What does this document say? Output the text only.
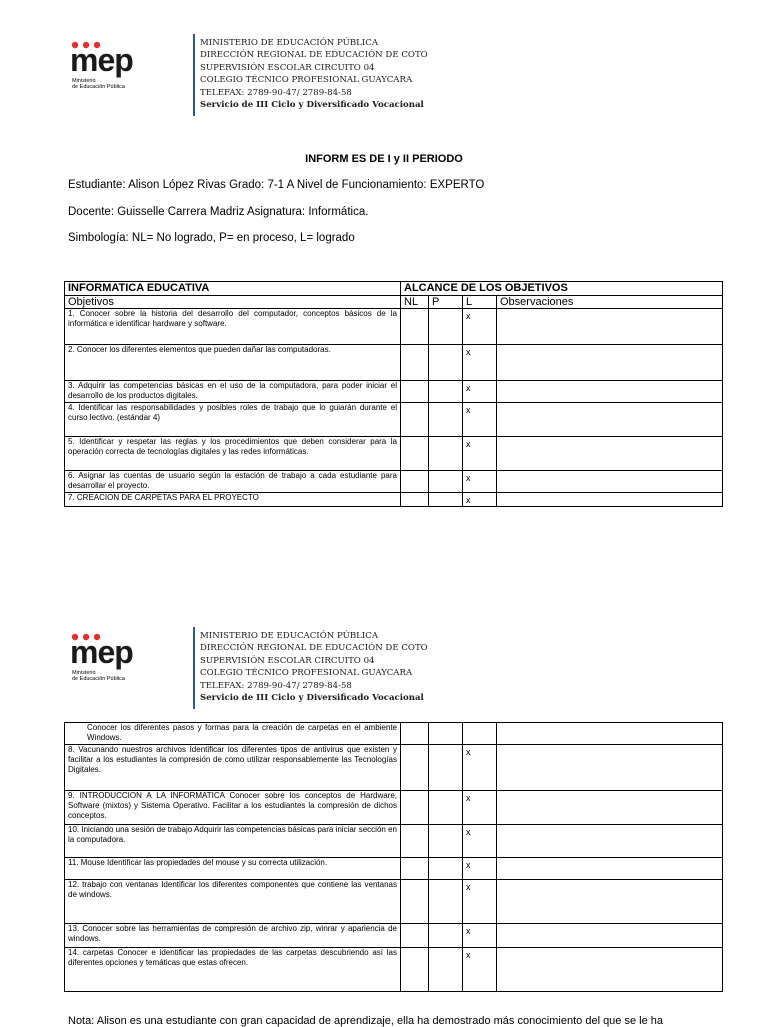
mep
Ministerio
de Educación Pública
MINISTERIO DE EDUCACIÓN PÚBLICA
DIRECCIÓN REGIONAL DE EDUCACIÓN DE COTO
SUPERVISIÓN ESCOLAR CIRCUITO 04
COLEGIO TÉCNICO PROFESIONAL GUAYCARA
TELEFAX: 2789-90-47/ 2789-84-58
Servicio de III Ciclo y Diversificado Vocacional
INFORM ES DE I y II PERIODO
Estudiante: Alison López Rivas Grado: 7-1 A Nivel de Funcionamiento: EXPERTO
Docente: Guisselle Carrera Madriz Asignatura: Informática.
Simbología: NL= No logrado, P= en proceso, L= logrado
INFORMATICA EDUCATIVA	ALCANCE DE LOS OBJETIVOS			
Objetivos	NL	P	L	Observaciones
1. Conocer sobre la historia del desarrollo del computador, conceptos básicos de la informática e identificar hardware y software.			x	
2. Conocer los diferentes elementos que pueden dañar las computadoras.			x	
3. Adquirir las competencias básicas en el uso de la computadora, para poder iniciar el desarrollo de los productos digitales.			x	
4. Identificar las responsabilidades y posibles roles de trabajo que lo guiarán durante el curso lectivo. (estándar 4)			x	
5. Identificar y respetar las reglas y los procedimientos que deben considerar para la operación correcta de tecnologías digitales y las redes informáticas.			x	
6. Asignar las cuentas de usuario según la estación de trabajo a cada estudiante para desarrollar el proyecto.			x	
7. CREACION DE CARPETAS PARA EL PROYECTO			x	
mep
Ministerio
de Educación Pública
MINISTERIO DE EDUCACIÓN PÚBLICA
DIRECCIÓN REGIONAL DE EDUCACIÓN DE COTO
SUPERVISIÓN ESCOLAR CIRCUITO 04
COLEGIO TÉCNICO PROFESIONAL GUAYCARA
TELEFAX: 2789-90-47/ 2789-84-58
Servicio de III Ciclo y Diversificado Vocacional
Conocer los diferentes pasos y formas para la creación de carpetas en el ambiente Windows.				
8. Vacunando nuestros archivos Identificar los diferentes tipos de antivirus que existen y facilitar a los estudiantes la compresión de como utilizar responsablemente las Tecnologías Digitales.			x	
9. INTRODUCCION A LA INFORMATICA Conocer sobre los conceptos de Hardware, Software (mixtos) y Sistema Operativo. Facilitar a los estudiantes la compresión de dichos conceptos.			x	
10. Iniciando una sesión de trabajo Adquirir las competencias básicas para iniciar sección en la computadora.			x	
11. Mouse Identificar las propiedades del mouse y su correcta utilización.			x	
12. trabajo con ventanas Identificar los diferentes componentes que contiene las ventanas de windows.			x	
13. Conocer sobre las herramientas de compresión de archivo zip, winrar y apariencia de windows.			x	
14. carpetas Conocer e identificar las propiedades de las carpetas descubriendo así las diferentes opciones y temáticas que estas ofrecen.			x	
Nota: Alison es una estudiante con gran capacidad de aprendizaje, ella ha demostrado más conocimiento del que se le ha
